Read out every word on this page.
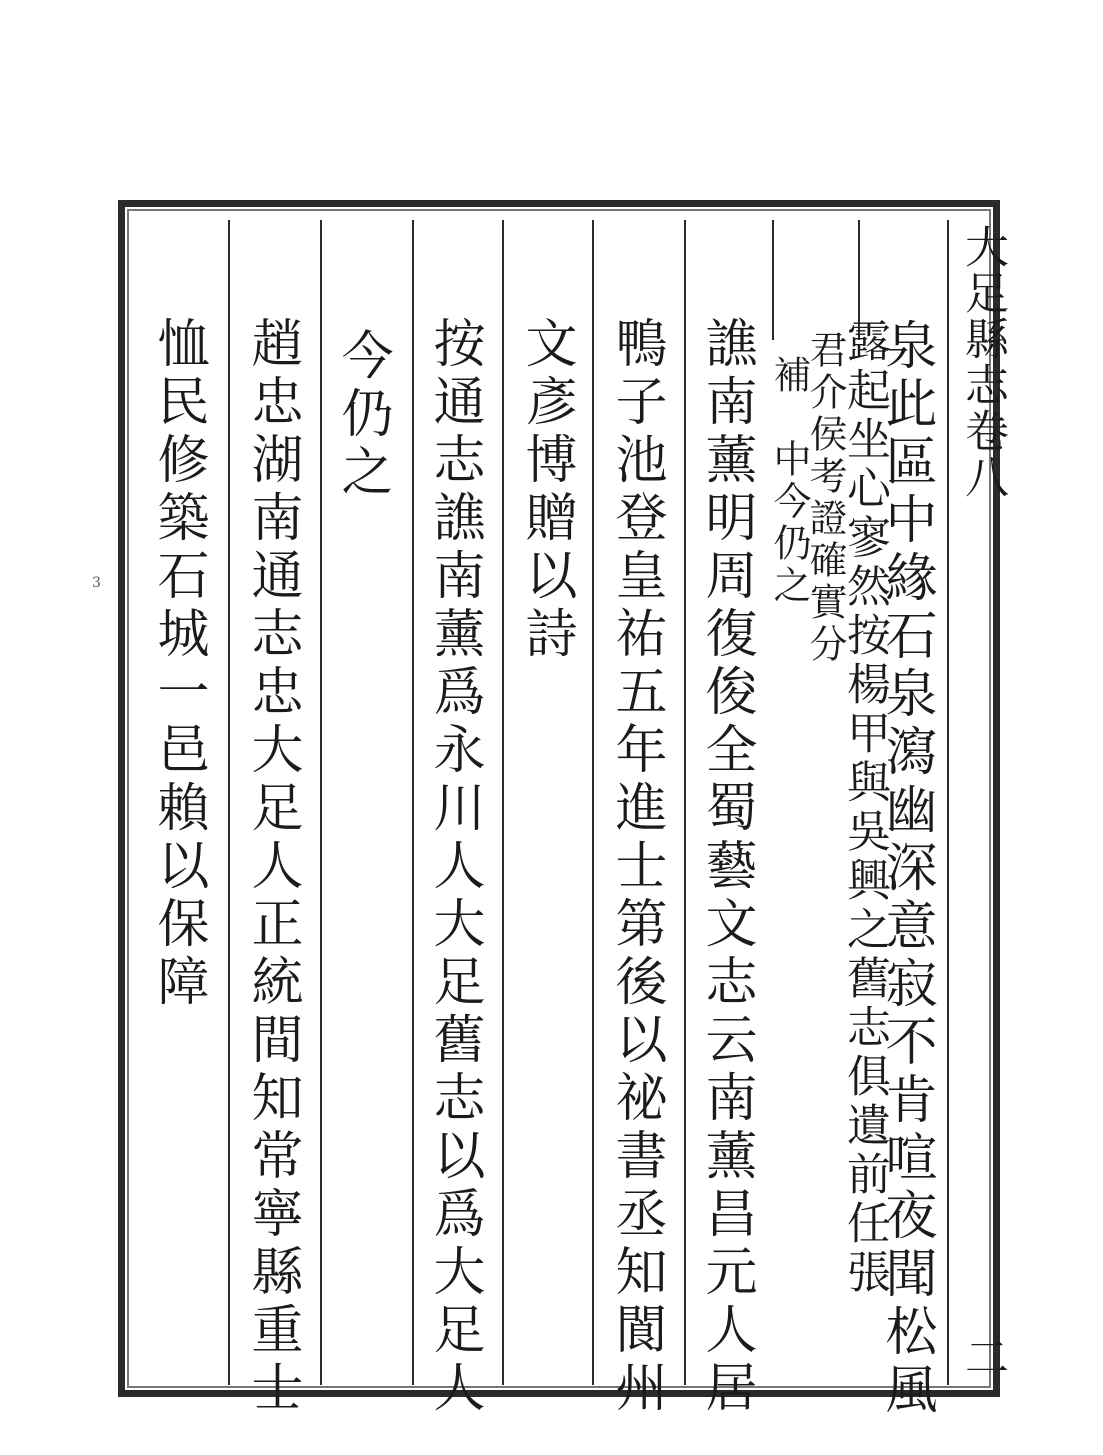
大足縣志卷八
二
泉此區中緣石泉瀉幽深意寂不肯喧夜聞松風
露起坐心寥然按楊甲與吳興之舊志俱遺前任張
君介侯考證確實分
補　中今仍之
譙南薰明周復俊全蜀藝文志云南薰昌元人居
鴨子池登皇祐五年進士第後以祕書丞知閬州
文彥博贈以詩
按通志譙南薰爲永川人大足舊志以爲大足人
今仍之
趙忠湖南通志忠大足人正統間知常寧縣重士
恤民修築石城一邑賴以保障
3
